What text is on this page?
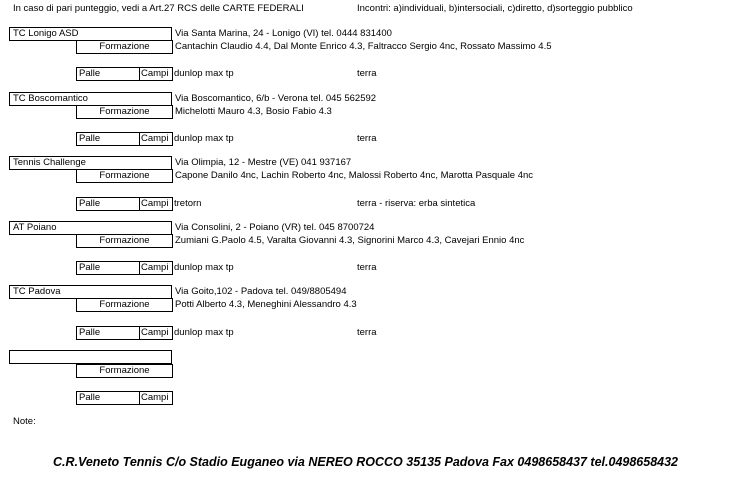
In caso di pari punteggio, vedi a Art.27 RCS delle CARTE FEDERALI	Incontri: a)individuali, b)intersociali, c)diretto, d)sorteggio pubblico
TC Lonigo ASD	Via Santa Marina, 24 - Lonigo (VI) tel. 0444 831400
Formazione	Cantachin Claudio 4.4, Dal Monte Enrico 4.3, Faltracco Sergio 4nc, Rossato Massimo 4.5
Palle	Campi dunlop max tp	terra
TC Boscomantico	Via Boscomantico, 6/b - Verona tel. 045 562592
Formazione	Michelotti Mauro 4.3, Bosio Fabio 4.3
Palle	Campi dunlop max tp	terra
Tennis Challenge	Via Olimpia, 12 - Mestre (VE) 041 937167
Formazione	Capone Danilo 4nc, Lachin Roberto 4nc, Malossi Roberto 4nc, Marotta Pasquale 4nc
Palle	Campi tretorn	terra - riserva: erba sintetica
AT Poiano	Via Consolini, 2 - Poiano (VR) tel. 045 8700724
Formazione	Zumiani G.Paolo 4.5, Varalta Giovanni 4.3, Signorini Marco 4.3, Cavejari Ennio 4nc
Palle	Campi dunlop max tp	terra
TC Padova	Via Goito,102 - Padova tel. 049/8805494
Formazione	Potti Alberto 4.3, Meneghini Alessandro 4.3
Palle	Campi dunlop max tp	terra
Formazione
Palle	Campi
Note:
C.R.Veneto Tennis C/o Stadio Euganeo via NEREO ROCCO 35135 Padova Fax 0498658437 tel.0498658432
